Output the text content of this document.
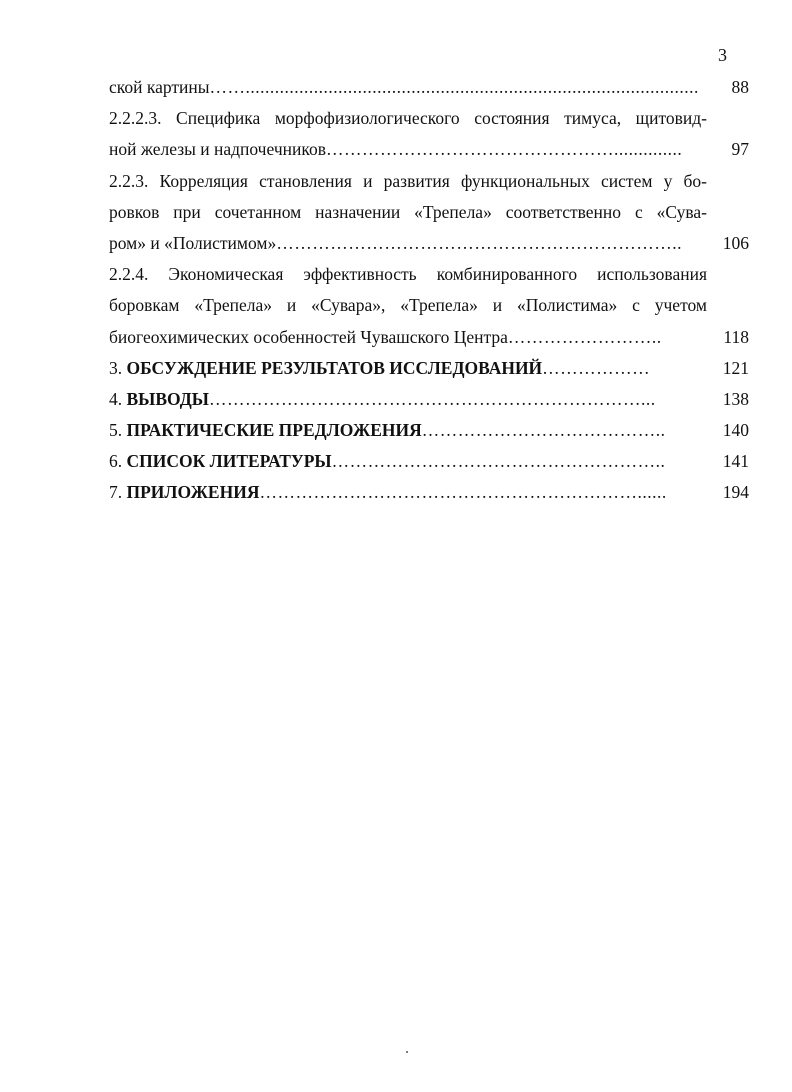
3
ской картины…….............................................................................................	88
2.2.2.3. Специфика морфофизиологического состояния тимуса, щитовид-
ной железы и надпочечников…………………………………………..............	97
2.2.3. Корреляция становления и развития функциональных систем у бо-
ровков при сочетанном назначении «Трепела» соответственно с «Сува-
ром» и «Полистимом»…………………………………………………………..	106
2.2.4. Экономическая эффективность комбинированного использования
боровкам «Трепела» и «Сувара», «Трепела» и «Полистима» с учетом
биогеохимических особенностей Чувашского Центра……………………..	118
3. ОБСУЖДЕНИЕ РЕЗУЛЬТАТОВ ИССЛЕДОВАНИЙ………………	121
4. ВЫВОДЫ………………………………………………………………...	138
5. ПРАКТИЧЕСКИЕ ПРЕДЛОЖЕНИЯ…………………………………..	140
6. СПИСОК ЛИТЕРАТУРЫ………………………………………………..	141
7. ПРИЛОЖЕНИЯ………………………………………………………......	194
